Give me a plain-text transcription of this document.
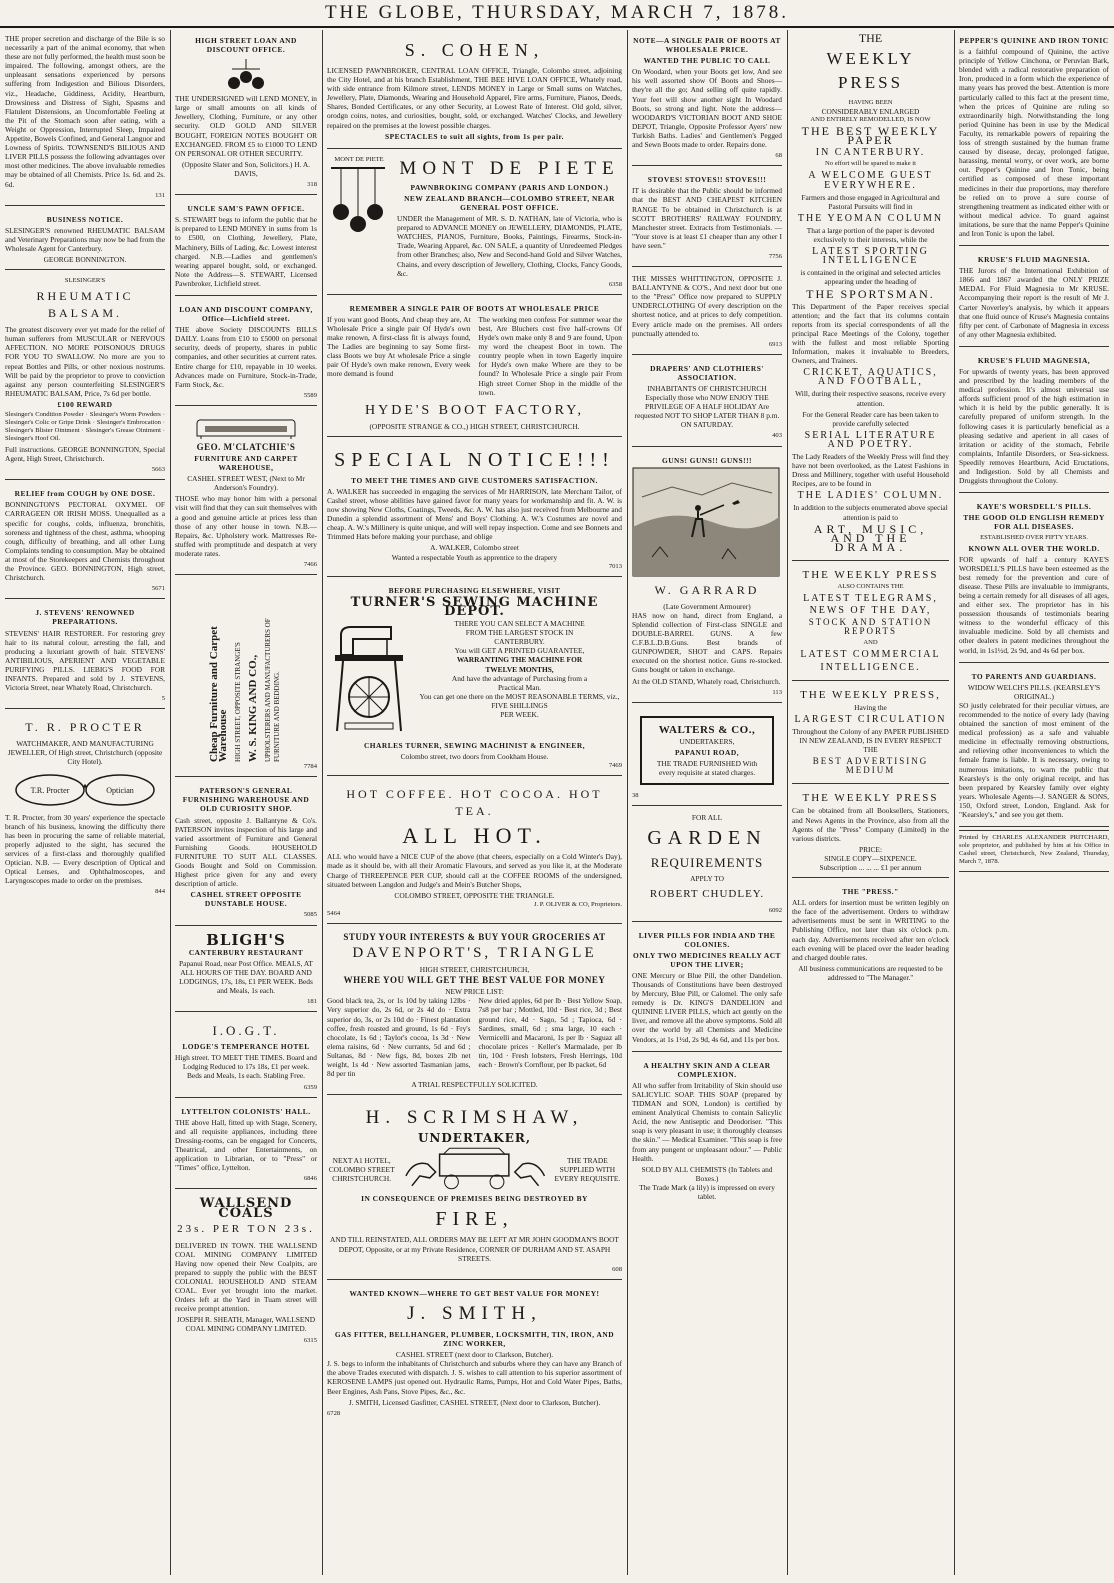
THE GLOBE, THURSDAY, MARCH 7, 1878.

THE proper secretion and discharge of the Bile is so necessarily a part of the animal economy, that when these are not fully performed, the health must soon be impaired. The following, amongst others, are the unpleasant sensations experienced by persons suffering from Indigestion and Bilious Disorders, viz., Headache, Giddiness, Acidity, Heartburn, Drowsiness and Distress of Sight, Spasms and Flatulent Distensions, an Uncomfortable Feeling at the Pit of the Stomach soon after eating, with a Weight or Oppression, Interrupted Sleep, Impaired Appetite, Bowels Confined, and General Languor and Lowness of Spirits. TOWNSEND'S BILIOUS AND LIVER PILLS possess the following advantages over most other medicines. The above invaluable remedies may be obtained of all Chemists. Price 1s. 6d. and 2s. 6d.

131
BUSINESS NOTICE.

SLESINGER'S renowned RHEUMATIC BALSAM and Veterinary Preparations may now be had from the Wholesale Agent for Canterbury.

GEORGE BONNINGTON.
SLESINGER'S
RHEUMATIC BALSAM.

The greatest discovery ever yet made for the relief of human sufferers from MUSCULAR or NERVOUS AFFECTION. NO MORE POISONOUS DRUGS FOR YOU TO SWALLOW. No more are you to repeat Bottles and Pills, or other noxious nostrums. Will be paid by the proprietor to prove to conviction against any person counterfeiting SLESINGER'S RHEUMATIC BALSAM, Price, 7s 6d per bottle.

£100 REWARD

Slesinger's Condition Powder · Slesinger's Worm Powders · Slesinger's Colic or Gripe Drink · Slesinger's Embrocation · Slesinger's Blister Ointment · Slesinger's Grease Ointment · Slesinger's Hoof Oil.

Full instructions. GEORGE BONNINGTON, Special Agent, High Street, Christchurch.

5663
RELIEF from COUGH by ONE DOSE.

BONNINGTON'S PECTORAL OXYMEL OF CARRAGEEN OR IRISH MOSS. Unequalled as a specific for coughs, colds, influenza, bronchitis, soreness and tightness of the chest, asthma, whooping cough, difficulty of breathing, and all other Lung Complaints tending to consumption. May be obtained at most of the Storekeepers and Chemists throughout the Province. GEO. BONNINGTON, High street, Christchurch.

5671
J. STEVENS' RENOWNED PREPARATIONS.

STEVENS' HAIR RESTORER. For restoring grey hair to its natural colour, arresting the fall, and producing a luxuriant growth of hair. STEVENS' ANTIBILIOUS, APERIENT AND VEGETABLE PURIFYING PILLS. LIEBIG'S FOOD FOR INFANTS. Prepared and sold by J. STEVENS, Victoria Street, near Whately Road, Christchurch.

5
T. R. PROCTER

WATCHMAKER, AND MANUFACTURING JEWELLER, Of High street, Christchurch (opposite City Hotel).

T.R. Procter	Optician

T. R. Procter, from 30 years' experience the spectacle branch of his business, knowing the difficulty there has been in procuring the same of reliable material, properly adjusted to the sight, has secured the services of a first-class and thoroughly qualified Optician. N.B. — Every description of Optical and Optical Lenses, and Ophthalmoscopes, and Laryngoscopes made to order on the premises.

844
HIGH STREET LOAN AND DISCOUNT OFFICE.

THE UNDERSIGNED will LEND MONEY, in large or small amounts on all kinds of Jewellery, Clothing, Furniture, or any other security. OLD GOLD AND SILVER BOUGHT, FOREIGN NOTES BOUGHT OR EXCHANGED. FROM £5 to £1000 TO LEND ON PERSONAL OR OTHER SECURITY.

(Opposite Slater and Son, Solicitors.) H. A. DAVIS,

318
UNCLE SAM'S PAWN OFFICE.

S. STEWART begs to inform the public that he is prepared to LEND MONEY in sums from 1s to £500, on Clothing, Jewellery, Plate, Machinery, Bills of Lading, &c. Lowest interest charged. N.B.—Ladies and gentlemen's wearing apparel bought, sold, or exchanged. Note the Address—S. STEWART, Licensed Pawnbroker, Lichfield street.

LOAN AND DISCOUNT COMPANY, Office—Lichfield street.

THE above Society DISCOUNTS BILLS DAILY. Loans from £10 to £5000 on personal security, deeds of property, shares in public companies, and other securities at current rates. Entire charge for £10, repayable in 10 weeks. Advances made on Furniture, Stock-in-Trade, Farm Stock, &c.

5589
GEO. M'CLATCHIE'S
FURNITURE AND CARPET WAREHOUSE,

CASHEL STREET WEST, (Next to Mr Anderson's Foundry).

THOSE who may honor him with a personal visit will find that they can suit themselves with a good and genuine article at prices less than those of any other house in town. N.B.—Repairs, &c. Upholstery work. Mattresses Re-stuffed with promptitude and despatch at very moderate rates.

7466
Cheap Furniture and Carpet Warehouse HIGH STREET, OPPOSITE STRANGE'S W. S. KING AND CO., UPHOLSTERERS AND MANUFACTURERS OF FURNITURE AND BEDDING.
7784
PATERSON'S GENERAL FURNISHING WAREHOUSE AND OLD CURIOSITY SHOP.

Cash street, opposite J. Ballantyne & Co's. PATERSON invites inspection of his large and varied assortment of Furniture and General Furnishing Goods. HOUSEHOLD FURNITURE TO SUIT ALL CLASSES. Goods Bought and Sold on Commission. Highest price given for any and every description of article.

CASHEL STREET OPPOSITE DUNSTABLE HOUSE.
5085
BLIGH'S
CANTERBURY RESTAURANT

Papanui Road, near Post Office. MEALS, AT ALL HOURS OF THE DAY. BOARD AND LODGINGS, 17s, 18s, £1 PER WEEK. Beds and Meals, 1s each.

181
I.O.G.T.
LODGE'S TEMPERANCE HOTEL

High street. TO MEET THE TIMES. Board and Lodging Reduced to 17s 18s, £1 per week. Beds and Meals, 1s each. Stabling Free.

6359
LYTTELTON COLONISTS' HALL.

THE above Hall, fitted up with Stage, Scenery, and all requisite appliances, including three Dressing-rooms, can be engaged for Concerts, Theatrical, and other Entertainments, on application to Librarian, or to "Press" or "Times" office, Lyttelton.

6846
WALLSEND COALS
23s. PER TON 23s.

DELIVERED IN TOWN. THE WALLSEND COAL MINING COMPANY LIMITED Having now opened their New Coalpits, are prepared to supply the public with the BEST COLONIAL HOUSEHOLD AND STEAM COAL. Ever yet brought into the market. Orders left at the Yard in Tuam street will receive prompt attention.

JOSEPH R. SHEATH, Manager, WALLSEND COAL MINING COMPANY LIMITED.

6315
S. COHEN,

LICENSED PAWNBROKER, CENTRAL LOAN OFFICE, Triangle, Colombo street, adjoining the City Hotel, and at his branch Establishment, THE BEE HIVE LOAN OFFICE, Whately road, with side entrance from Kilmore street, LENDS MONEY in Large or Small sums on Watches, Jewellery, Plate, Diamonds, Wearing and Household Apparel, Fire arms, Furniture, Pianos, Deeds, Shares, Bonded Certificates, or any other Security, at Lowest Rate of Interest. Old gold, silver, orodgn coins, notes, and curiosities, bought, sold, or exchanged. Watches' Clocks, and Jewellery repaired on the premises at the lowest possible charges.

SPECTACLES to suit all sights, from 1s per pair.
MONT DE PIETE MONT DE PIETE
PAWNBROKING COMPANY (PARIS AND LONDON.)
NEW ZEALAND BRANCH—COLOMBO STREET, NEAR GENERAL POST OFFICE.

UNDER the Management of MR. S. D. NATHAN, late of Victoria, who is prepared to ADVANCE MONEY on JEWELLERY, DIAMONDS, PLATE, WATCHES, PIANOS, Furniture, Books, Paintings, Firearms, Stock-in-Trade, Wearing Apparel, &c. ON SALE, a quantity of Unredeemed Pledges from other Branches; also, New and Second-hand Gold and Silver Watches, Chains, and every description of Jewellery, Clothing, Clocks, Fancy Goods, &c.

6358
REMEMBER A SINGLE PAIR OF BOOTS AT WHOLESALE PRICE

If you want good Boots, And cheap they are, At Wholesale Price a single pair Of Hyde's own make renown, A first-class fit is always found, The Ladies are beginning to say Some first-class Boots we buy At wholesale Price a single pair Of Hyde's own make renown, Every week more demand is found

The working men confess For summer wear the best, Are Bluchers cost five half-crowns Of Hyde's own make only 8 and 9 are found, Upon my word the cheapest Boot in town. The country people when in town Eagerly inquire for Hyde's own make Where are they to be found? In Wholesale Price a single pair From High street Corner Shop in the middle of the town.

HYDE'S BOOT FACTORY,
(OPPOSITE STRANGE & CO.,) HIGH STREET, CHRISTCHURCH.
SPECIAL NOTICE!!!
TO MEET THE TIMES AND GIVE CUSTOMERS SATISFACTION.

A. WALKER has succeeded in engaging the services of Mr HARRISON, late Merchant Tailor, of Cashel street, whose abilities have gained favor for many years for workmanship and fit. A. W. is now showing New Cloths, Coatings, Tweeds, &c. A. W. has also just received from Melbourne and Dunedin a splendid assortment of Mens' and Boys' Clothing. A. W.'s Costumes are novel and cheap. A. W.'s Millinery is quite unique, and will well repay inspection. Come and see Bonnets and Trimmed Hats before making your purchase, and oblige

A. WALKER, Colombo street
Wanted a respectable Youth as apprentice to the drapery
7013
BEFORE PURCHASING ELSEWHERE, VISIT
TURNER'S SEWING MACHINE DEPOT.
THERE YOU CAN SELECT A MACHINE
FROM THE LARGEST STOCK IN
CANTERBURY.
You will GET A PRINTED GUARANTEE,
WARRANTING THE MACHINE FOR
TWELVE MONTHS,
And have the advantage of Purchasing from a
Practical Man.
You can get one there on the MOST REASONABLE TERMS, viz., FIVE SHILLINGS
PER WEEK.
CHARLES TURNER, SEWING MACHINIST & ENGINEER,
Colombo street, two doors from Cookham House.
7469
HOT COFFEE. HOT COCOA. HOT TEA.
ALL HOT.

ALL who would have a NICE CUP of the above (that cheers, especially on a Cold Winter's Day), made as it should be, with all their Aromatic Flavours, and served as you like it, at the Moderate Charge of THREEPENCE PER CUP, should call at the COFFEE ROOMS of the undersigned, situated between Langdon and Judge's and Mein's Butcher Shops,

COLOMBO STREET, OPPOSITE THE TRIANGLE.
J. P. OLIVER & CO, Proprietors.
5464
STUDY YOUR INTERESTS & BUY YOUR GROCERIES AT
DAVENPORT'S, TRIANGLE
HIGH STREET, CHRISTCHURCH,
WHERE YOU WILL GET THE BEST VALUE FOR MONEY
NEW PRICE LIST:

Good black tea, 2s, or 1s 10d by taking 12lbs · Very superior do, 2s 6d, or 2s 4d do · Extra superior do, 3s, or 2s 10d do · Finest plantation coffee, fresh roasted and ground, 1s 6d · Fry's chocolate, 1s 6d ; Taylor's cocoa, 1s 3d · New elema raisins, 6d · New currants, 5d and 6d ; Sultanas, 8d · New figs, 8d, boxes 2lb net weight, 1s 4d · New assorted Tasmanian jams, 8d per tin

New dried apples, 6d per lb · Best Yellow Soap, 7s8 per bar ; Mottled, 10d · Best rice, 3d ; Best ground rice, 4d · Sago, 5d ; Tapioca, 6d · Sardines, small, 6d ; sma large, 10 each · Vermicelli and Macaroni, 1s per lb · Saguaz all chocolate prices · Keller's Marmalade, per lb tin, 10d · Fresh lobsters, Fresh Herrings, 10d each · Brown's Cornflour, per lb packet, 6d

A TRIAL RESPECTFULLY SOLICITED.
H. SCRIMSHAW,
UNDERTAKER,
NEXT A1 HOTEL, COLOMBO STREET CHRISTCHURCH.
THE TRADE SUPPLIED WITH EVERY REQUISITE.
IN CONSEQUENCE OF PREMISES BEING DESTROYED BY
FIRE,

AND TILL REINSTATED, ALL ORDERS MAY BE LEFT AT MR JOHN GOODMAN'S BOOT DEPOT, Opposite, or at my Private Residence, CORNER OF DURHAM AND ST. ASAPH STREETS.

608
WANTED KNOWN—WHERE TO GET BEST VALUE FOR MONEY!
J. SMITH,
GAS FITTER, BELLHANGER, PLUMBER, LOCKSMITH, TIN, IRON, AND ZINC WORKER,
CASHEL STREET (next door to Clarkson, Butcher).

J. S. begs to inform the inhabitants of Christchurch and suburbs where they can have any Branch of the above Trades executed with dispatch. J. S. wishes to call attention to his superior assortment of KEROSENE LAMPS just opened out. Hydraulic Rams, Pumps, Hot and Cold Water Pipes, Baths, Beer Engines, Ash Pans, Stove Pipes, &c., &c.

J. SMITH, Licensed Gasfitter, CASHEL STREET, (Next door to Clarkson, Butcher).

6728
NOTE—A SINGLE PAIR OF BOOTS AT WHOLESALE PRICE.
WANTED THE PUBLIC TO CALL

On Woodard, when your Boots get low, And see his well assorted show Of Boots and Shoes—they're all the go; And selling off quite rapidly. Your feet will show another sight In Woodard Boots, so strong and light. Note the address— WOODARD'S VICTORIAN BOOT AND SHOE DEPOT, Triangle, Opposite Professor Ayers' new Turkish Baths. Ladies' and Gentlemen's Pegged and Sewn Boots made to order. Repairs done.

68
STOVES! STOVES!! STOVES!!!

IT is desirable that the Public should be informed that the BEST AND CHEAPEST KITCHEN RANGE To be obtained in Christchurch is at SCOTT BROTHERS' RAILWAY FOUNDRY, Manchester street. Extracts from Testimonials. — "Your stove is at least £1 cheaper than any other I have seen."

7756

THE MISSES WHITTINGTON, OPPOSITE J. BALLANTYNE & CO'S., And next door but one to the "Press" Office now prepared to SUPPLY UNDERCLOTHING Of every description on the shortest notice, and at prices to defy competition. Every article made on the premises. All orders punctually attended to.

6913
DRAPERS' AND CLOTHIERS' ASSOCIATION.

INHABITANTS OF CHRISTCHURCH Especially those who NOW ENJOY THE PRIVILEGE OF A HALF HOLIDAY Are requested NOT TO SHOP LATER THAN 8 p.m. ON SATURDAY.

403
GUNS! GUNS!! GUNS!!!
W. GARRARD
(Late Government Armourer)

HAS now on hand, direct from England, a Splendid collection of First-class SINGLE and DOUBLE-BARREL GUNS. A few C.F.B.L.D.B.Guns. Best brands of GUNPOWDER, SHOT and CAPS. Repairs executed on the shortest notice. Guns re-stocked. Guns bought or taken in exchange.

At the OLD STAND, Whately road, Christchurch.

113
WALTERS & CO.,
UNDERTAKERS,
PAPANUI ROAD,
THE TRADE FURNISHED With every requisite at stated charges.
38
FOR ALL
GARDEN
REQUIREMENTS
APPLY TO
ROBERT CHUDLEY.
6092
LIVER PILLS FOR INDIA AND THE COLONIES.
ONLY TWO MEDICINES REALLY ACT UPON THE LIVER;

ONE Mercury or Blue Pill, the other Dandelion. Thousands of Constitutions have been destroyed by Mercury, Blue Pill, or Calomel. The only safe remedy is Dr. KING'S DANDELION and QUININE LIVER PILLS, which act gently on the liver, and remove all the above symptoms. Sold all over the world by all Chemists and Medicine Vendors, at 1s 1½d, 2s 9d, 4s 6d, and 11s per box.

A HEALTHY SKIN AND A CLEAR COMPLEXION.

All who suffer from Irritability of Skin should use SALICYLIC SOAP. THIS SOAP (prepared by TIDMAN and SON, London) is certified by eminent Analytical Chemists to contain Salicylic Acid, the new Antiseptic and Deodoriser. "This soap is very pleasant in use; it thoroughly cleanses the skin." — Medical Examiner. "This soap is free from any pungent or unpleasant odour." — Public Health.

SOLD BY ALL CHEMISTS (In Tablets and Boxes.)
The Trade Mark (a lily) is impressed on every tablet.
THE
WEEKLY PRESS
HAVING BEEN
CONSIDERABLY ENLARGED
AND ENTIRELY REMODELLED, IS NOW
THE BEST WEEKLY PAPER
IN CANTERBURY.
No effort will be spared to make it
A WELCOME GUEST EVERYWHERE.

Farmers and those engaged in Agricultural and Pastoral Pursuits will find in

THE YEOMAN COLUMN

That a large portion of the paper is devoted exclusively to their interests, while the

LATEST SPORTING INTELLIGENCE

is contained in the original and selected articles appearing under the heading of

THE SPORTSMAN.

This Department of the Paper receives special attention; and the fact that its columns contain reports from its special correspondents of all the principal Race Meetings of the Colony, together with the fullest and most reliable Sporting Information, makes it invaluable to Breeders, Owners, and Trainers.

CRICKET, AQUATICS, AND FOOTBALL,

Will, during their respective seasons, receive every attention.

For the General Reader care has been taken to provide carefully selected

SERIAL LITERATURE AND POETRY.

The Lady Readers of the Weekly Press will find they have not been overlooked, as the Latest Fashions in Dress and Millinery, together with useful Household Recipes, are to be found in

THE LADIES' COLUMN.

In addition to the subjects enumerated above special attention is paid to

ART, MUSIC, AND THE DRAMA.
THE WEEKLY PRESS
ALSO CONTAINS THE
LATEST TELEGRAMS,
NEWS OF THE DAY,
STOCK AND STATION REPORTS
AND
LATEST COMMERCIAL
INTELLIGENCE.
THE WEEKLY PRESS,
Having the
LARGEST CIRCULATION

Throughout the Colony of any PAPER PUBLISHED IN NEW ZEALAND, IS IN EVERY RESPECT THE

BEST ADVERTISING MEDIUM
THE WEEKLY PRESS

Can be obtained from all Booksellers, Stationers, and News Agents in the Province, also from all the Agents of the "Press" Company (Limited) in the various districts.

PRICE:
SINGLE COPY—SIXPENCE.
Subscription ... ... ... £1 per annum
THE "PRESS."

ALL orders for insertion must be written legibly on the face of the advertisement. Orders to withdraw advertisements must be sent in WRITING to the Publishing Office, not later than six o'clock p.m. each day. Advertisements received after ten o'clock each evening will be placed over the leader heading and charged double rates.

All business communications are requested to be addressed to "The Manager."

PEPPER'S QUININE AND IRON TONIC

is a faithful compound of Quinine, the active principle of Yellow Cinchona, or Peruvian Bark, blended with a radical restorative preparation of Iron, produced in a form which the experience of many years has proved the best. Attention is more particularly called to this fact at the present time, when the prices of Quinine are ruling so extraordinarily high. Notwithstanding the long period Quinine has been in use by the Medical Faculty, its remarkable powers of repairing the loss of strength sustained by the human frame caused by disease, decay, prolonged fatigue, harassing, mental worry, or over work, are borne out. Pepper's Quinine and Iron Tonic, being certified as composed of these important medicines in their due proportions, may therefore be relied on to prove a sure course of strengthening treatment as indicated either with or without medical advice. To guard against imitations, be sure that the name Pepper's Quinine and Iron Tonic is upon the label.

KRUSE'S FLUID MAGNESIA.

THE Jurors of the International Exhibition of 1866 and 1867 awarded the ONLY PRIZE MEDAL For Fluid Magnesia to Mr KRUSE. Accompanying their report is the result of Mr J. Carter Noverley's analysis, by which it appears that one fluid ounce of Kruse's Magnesia contains fifty per cent. of Carbonate of Magnesia in excess of any other Magnesia exhibited.

KRUSE'S FLUID MAGNESIA,

For upwards of twenty years, has been approved and prescribed by the leading members of the medical profession. It's almost universal use affords sufficient proof of the high estimation in which it is held by the public generally. It is carefully prepared of uniform strength. In the following cases it is particularly beneficial as a pleasing sedative and aperient in all cases of irritation or acidity of the stomach, Febrile complaints, Infantile Disorders, or Sea-sickness. Speedily removes Heartburn, Acid Eructations, and Indigestion. Sold by all Chemists and Druggists throughout the Colony.

KAYE'S WORSDELL'S PILLS.
THE GOOD OLD ENGLISH REMEDY FOR ALL DISEASES.
ESTABLISHED OVER FIFTY YEARS.
KNOWN ALL OVER THE WORLD.

FOR upwards of half a century KAYE'S WORSDELL'S PILLS have been esteemed as the best remedy for the prevention and cure of disease. These Pills are invaluable to immigrants, being a certain remedy for all diseases of all ages, and either sex. The proprietor has in his possession thousands of testimonials bearing witness to the wonderful efficacy of this invaluable medicine. Sold by all chemists and other dealers in patent medicines throughout the world, in 1s1½d, 2s 9d, and 4s 6d per box.

TO PARENTS AND GUARDIANS.
WIDOW WELCH'S PILLS. (KEARSLEY'S ORIGINAL.)

SO justly celebrated for their peculiar virtues, are recommended to the notice of every lady (having obtained the sanction of most eminent of the medical profession) as a safe and valuable medicine in effectually removing obstructions, and relieving other inconveniences to which the female frame is liable. It is necessary, owing to numerous imitations, to warn the public that Kearsley's is the only original receipt, and has been prepared by Kearsley family over eighty years. Wholesale Agents—J. SANGER & SONS, 150, Oxford street, London, England. Ask for "Kearsley's," and see you get them.

Printed by CHARLES ALEXANDER PRITCHARD, sole proprietor, and published by him at his Office in Cashel street, Christchurch, New Zealand, Thursday, March 7, 1878.
